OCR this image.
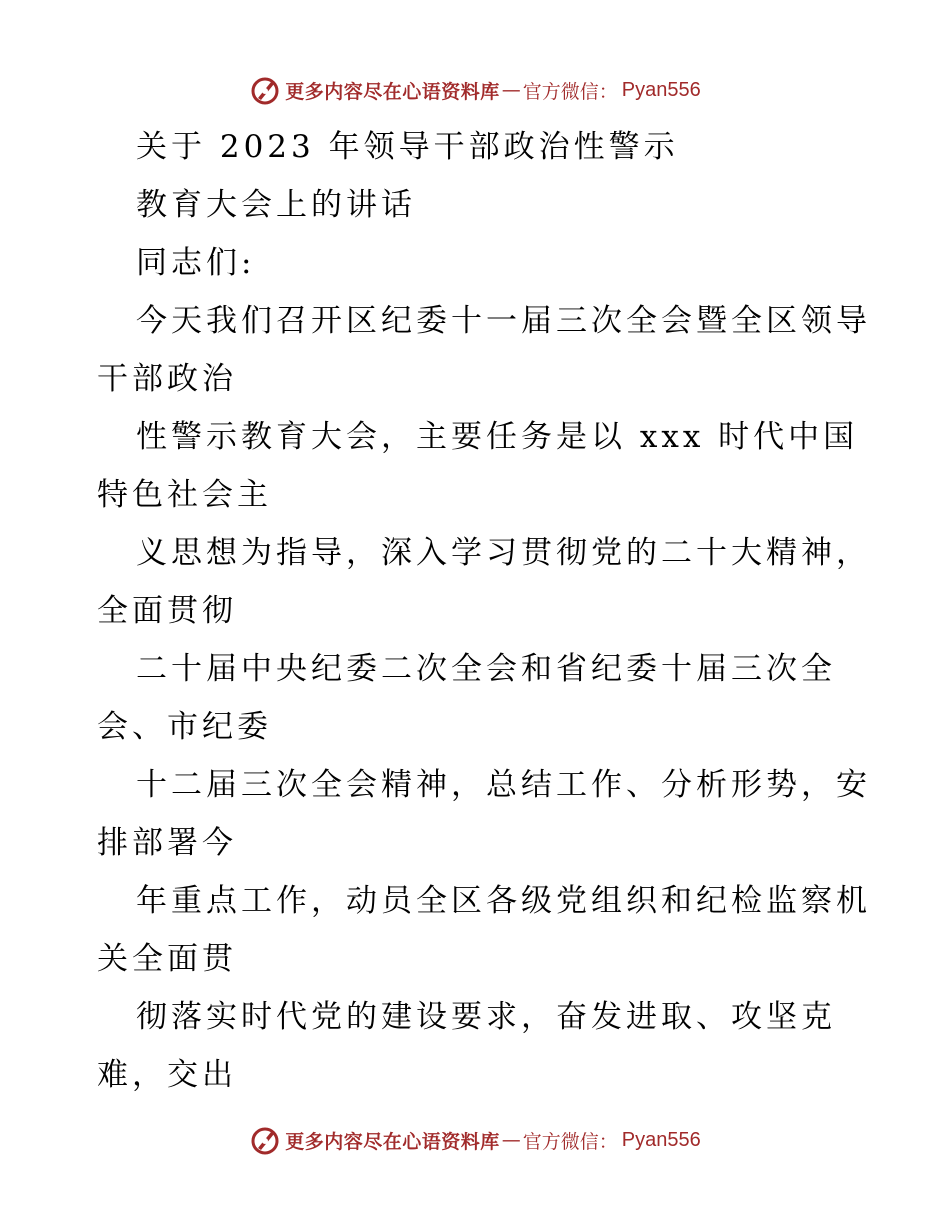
更多内容尽在心语资料库 — 官方微信： Pyan556
关于 2023 年领导干部政治性警示
教育大会上的讲话
同志们:
今天我们召开区纪委十一届三次全会暨全区领导
干部政治
性警示教育大会，主要任务是以 xxx 时代中国
特色社会主
义思想为指导，深入学习贯彻党的二十大精神，
全面贯彻
二十届中央纪委二次全会和省纪委十届三次全
会、市纪委
十二届三次全会精神，总结工作、分析形势，安
排部署今
年重点工作，动员全区各级党组织和纪检监察机
关全面贯
彻落实时代党的建设要求，奋发进取、攻坚克
难，交出
更多内容尽在心语资料库 — 官方微信： Pyan556
